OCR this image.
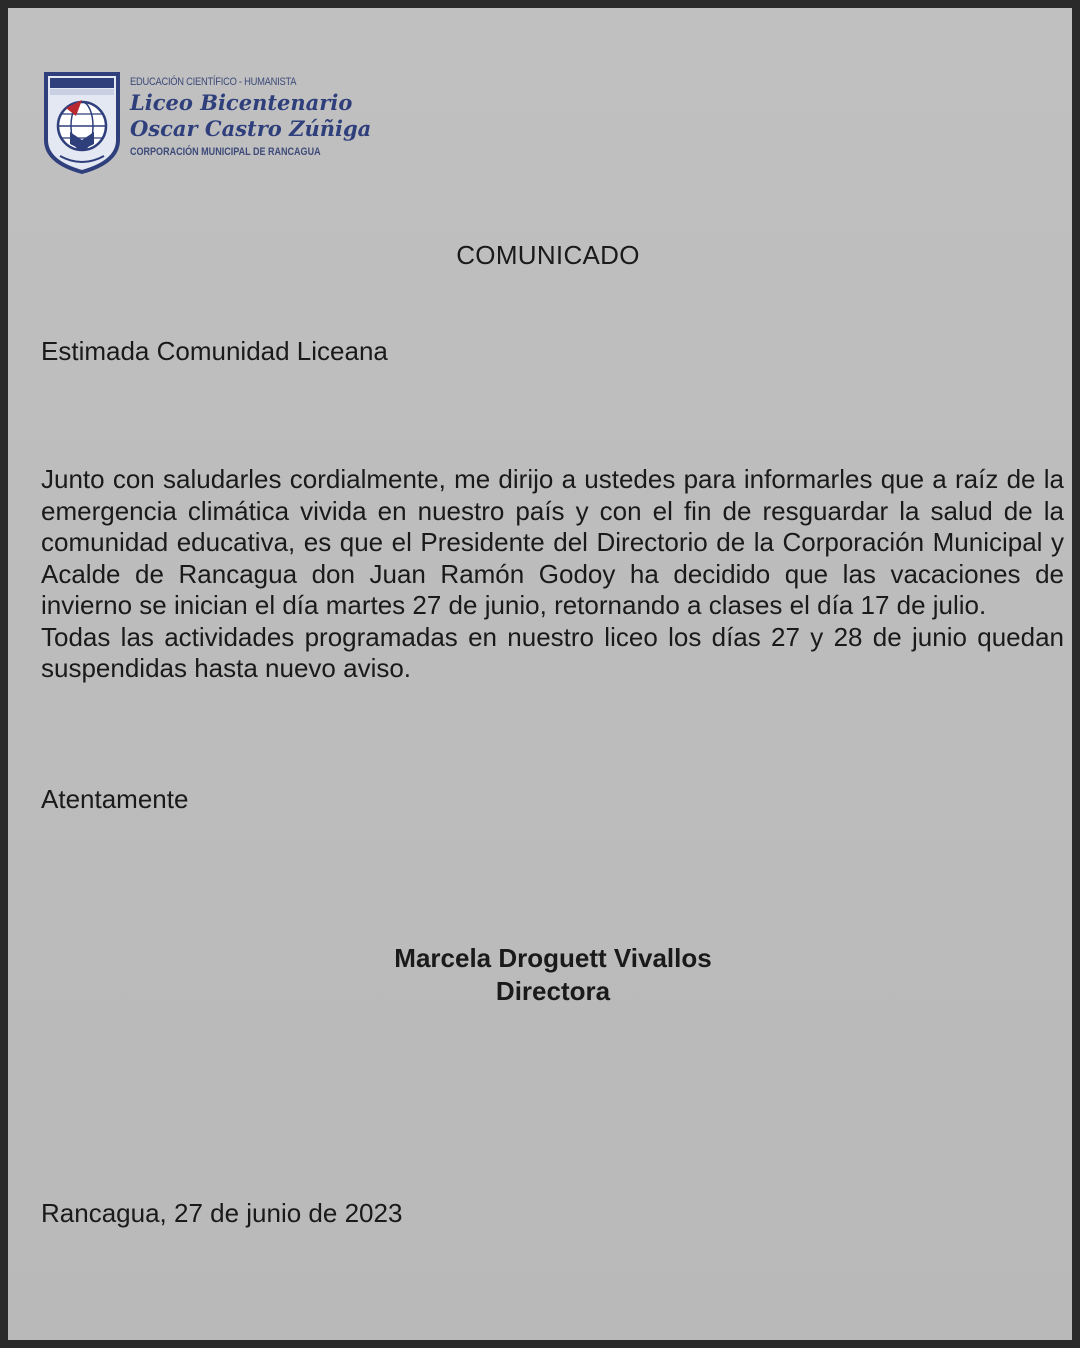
EDUCACIÓN CIENTÍFICO - HUMANISTA
Liceo Bicentenario
Oscar Castro Zúñiga
CORPORACIÓN MUNICIPAL DE RANCAGUA
COMUNICADO
Estimada Comunidad Liceana

Junto con saludarles cordialmente, me dirijo a ustedes para informarles que a raíz de la emergencia climática vivida en nuestro país y con el fin de resguardar la salud de la comunidad educativa, es que el Presidente del Directorio de la Corporación Municipal y Acalde de Rancagua don Juan Ramón Godoy ha decidido que las vacaciones de invierno se inician el día martes 27 de junio, retornando a clases el día 17 de julio.

Todas las actividades programadas en nuestro liceo los días 27 y 28 de junio quedan suspendidas hasta nuevo aviso.

Atentamente
Marcela Droguett Vivallos
Directora
Rancagua, 27 de junio de 2023
